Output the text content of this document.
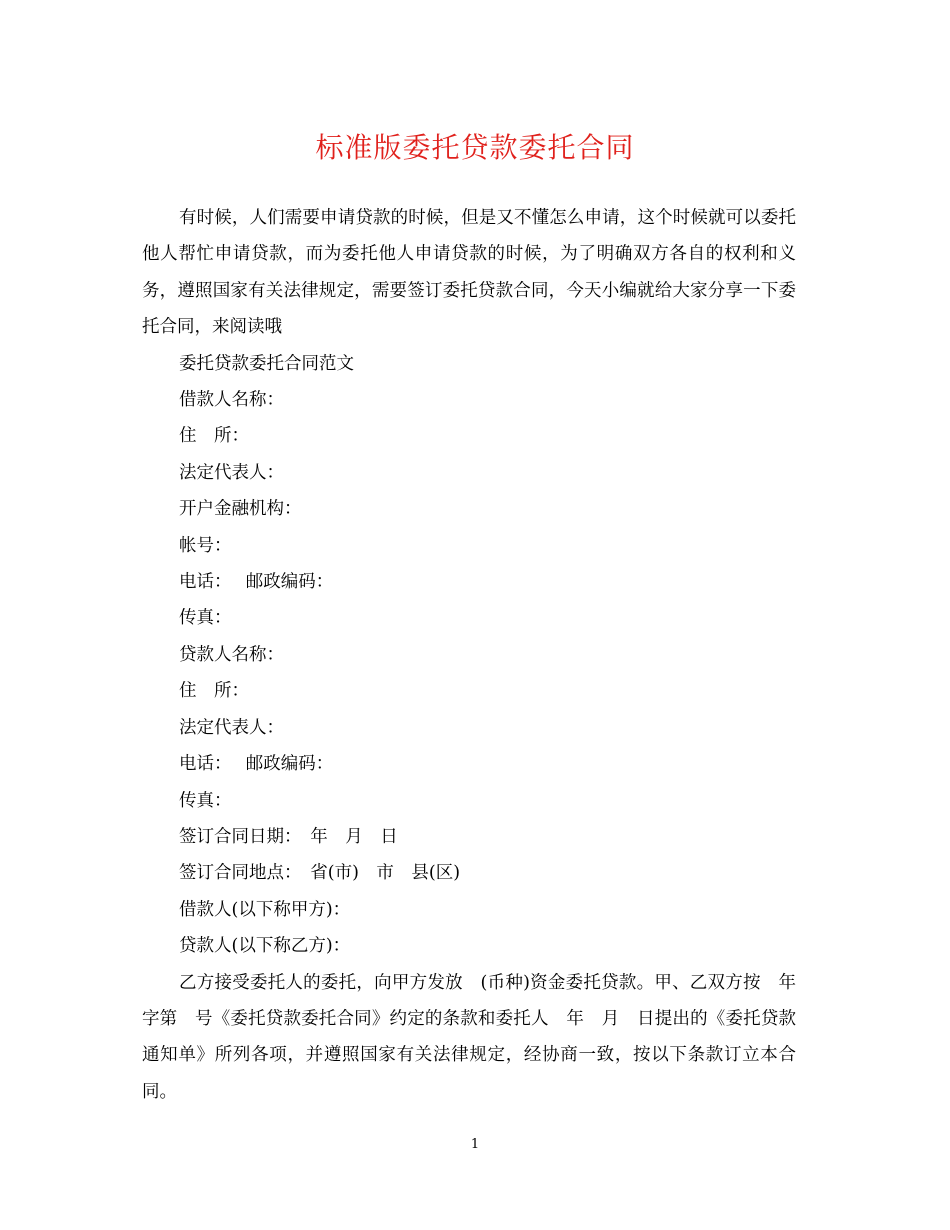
标准版委托贷款委托合同

有时候，人们需要申请贷款的时候，但是又不懂怎么申请，这个时候就可以委托他人帮忙申请贷款，而为委托他人申请贷款的时候，为了明确双方各自的权利和义务，遵照国家有关法律规定，需要签订委托贷款合同，今天小编就给大家分享一下委托合同，来阅读哦

委托贷款委托合同范文

借款人名称：

住　所：

法定代表人：

开户金融机构：

帐号：

电话：　 邮政编码：

传真：

贷款人名称：

住　所：

法定代表人：

电话：　 邮政编码：

传真：

签订合同日期：　年　月　日

签订合同地点：　省(市)　市　县(区)

借款人(以下称甲方)：

贷款人(以下称乙方)：

乙方接受委托人的委托，向甲方发放　(币种)资金委托贷款。甲、乙双方按　年　字第　号《委托贷款委托合同》约定的条款和委托人　年　月　日提出的《委托贷款通知单》所列各项，并遵照国家有关法律规定，经协商一致，按以下条款订立本合同。

1
